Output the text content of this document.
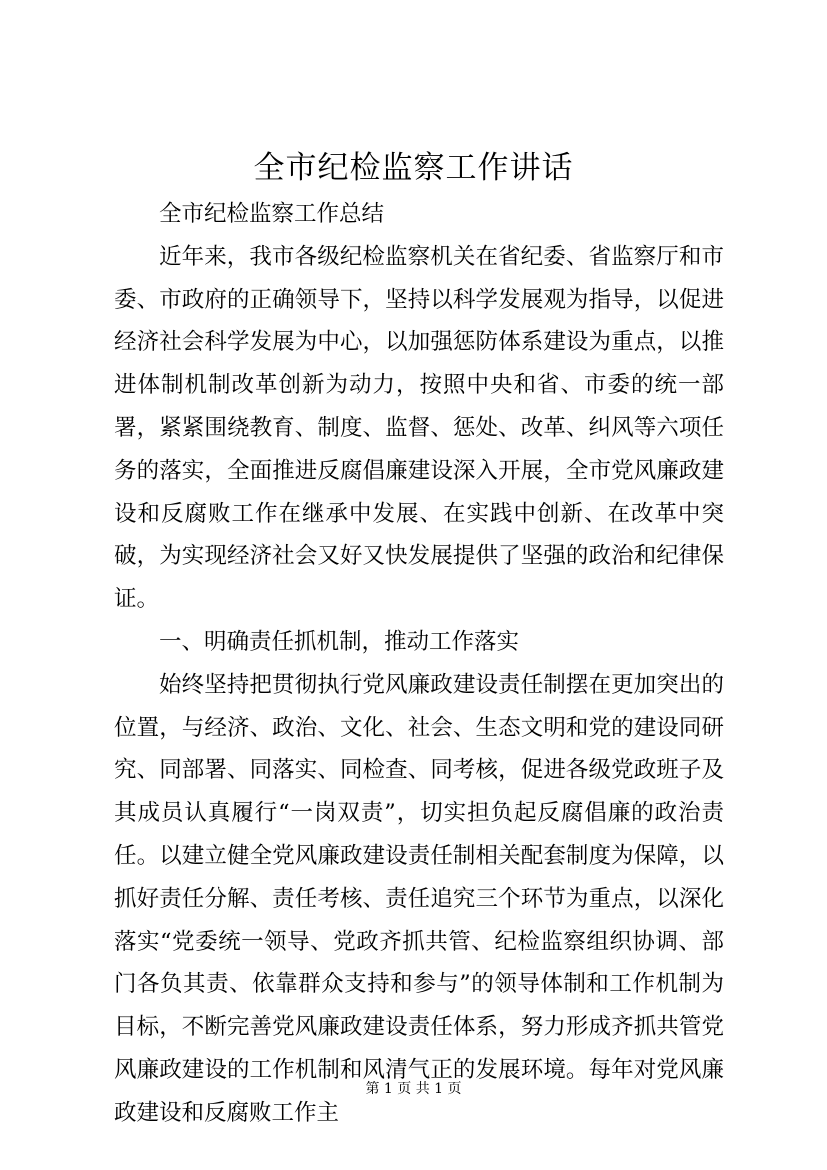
全市纪检监察工作讲话

全市纪检监察工作总结

近年来，我市各级纪检监察机关在省纪委、省监察厅和市委、市政府的正确领导下，坚持以科学发展观为指导，以促进经济社会科学发展为中心，以加强惩防体系建设为重点，以推进体制机制改革创新为动力，按照中央和省、市委的统一部署，紧紧围绕教育、制度、监督、惩处、改革、纠风等六项任务的落实，全面推进反腐倡廉建设深入开展，全市党风廉政建设和反腐败工作在继承中发展、在实践中创新、在改革中突破，为实现经济社会又好又快发展提供了坚强的政治和纪律保证。

一、明确责任抓机制，推动工作落实

始终坚持把贯彻执行党风廉政建设责任制摆在更加突出的位置，与经济、政治、文化、社会、生态文明和党的建设同研究、同部署、同落实、同检查、同考核，促进各级党政班子及其成员认真履行“一岗双责”，切实担负起反腐倡廉的政治责任。以建立健全党风廉政建设责任制相关配套制度为保障，以抓好责任分解、责任考核、责任追究三个环节为重点，以深化落实“党委统一领导、党政齐抓共管、纪检监察组织协调、部门各负其责、依靠群众支持和参与”的领导体制和工作机制为目标，不断完善党风廉政建设责任体系，努力形成齐抓共管党风廉政建设的工作机制和风清气正的发展环境。每年对党风廉政建设和反腐败工作主

第 1 页 共 1 页
